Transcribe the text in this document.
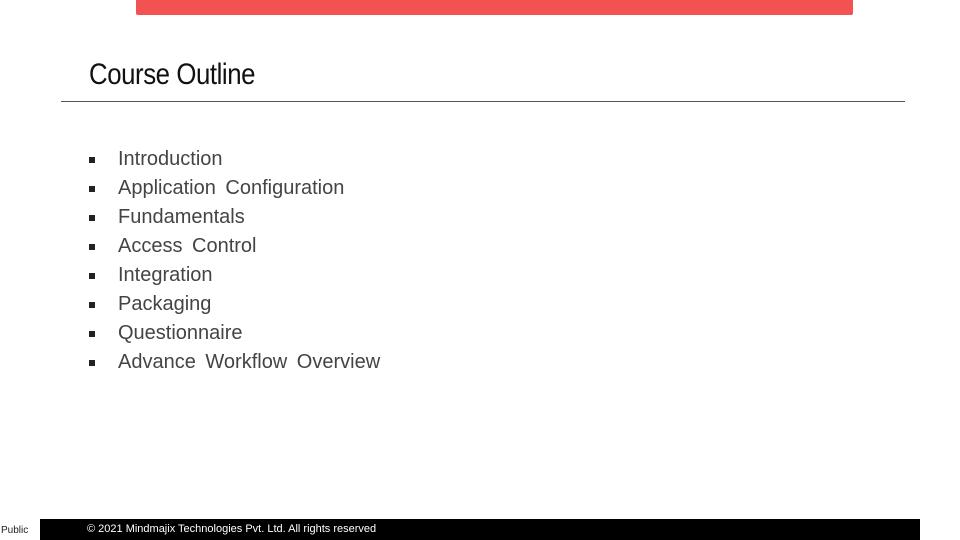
Course Outline
Introduction
Application Configuration
Fundamentals
Access Control
Integration
Packaging
Questionnaire
Advance Workflow Overview
Public	© 2021 Mindmajix Technologies Pvt. Ltd. All rights reserved
